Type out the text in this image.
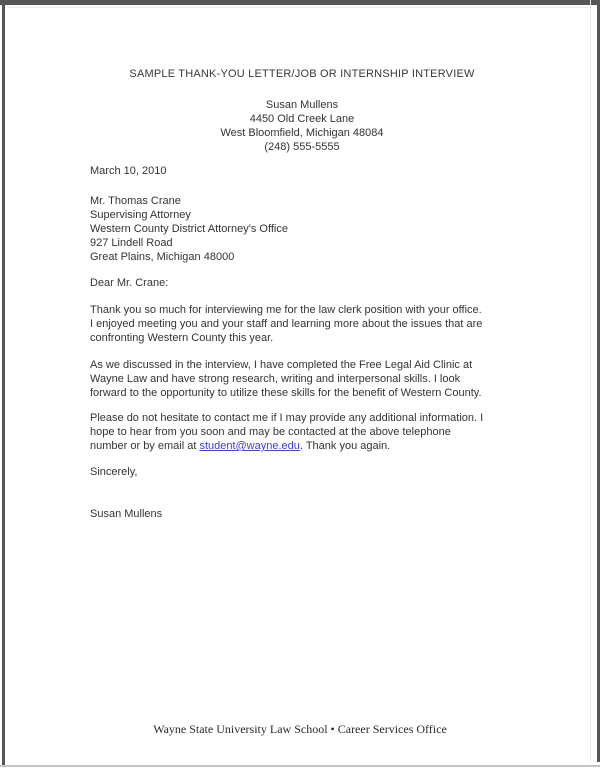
SAMPLE THANK-YOU LETTER/JOB OR INTERNSHIP INTERVIEW
Susan Mullens
4450 Old Creek Lane
West Bloomfield, Michigan 48084
(248) 555-5555
March 10, 2010
Mr. Thomas Crane
Supervising Attorney
Western County District Attorney's Office
927 Lindell Road
Great Plains, Michigan 48000
Dear Mr. Crane:

Thank you so much for interviewing me for the law clerk position with your office.
I enjoyed meeting you and your staff and learning more about the issues that are
confronting Western County this year.

As we discussed in the interview, I have completed the Free Legal Aid Clinic at
Wayne Law and have strong research, writing and interpersonal skills. I look
forward to the opportunity to utilize these skills for the benefit of Western County.

Please do not hesitate to contact me if I may provide any additional information. I
hope to hear from you soon and may be contacted at the above telephone
number or by email at student@wayne.edu. Thank you again.

Sincerely,
Susan Mullens
Wayne State University Law School • Career Services Office
